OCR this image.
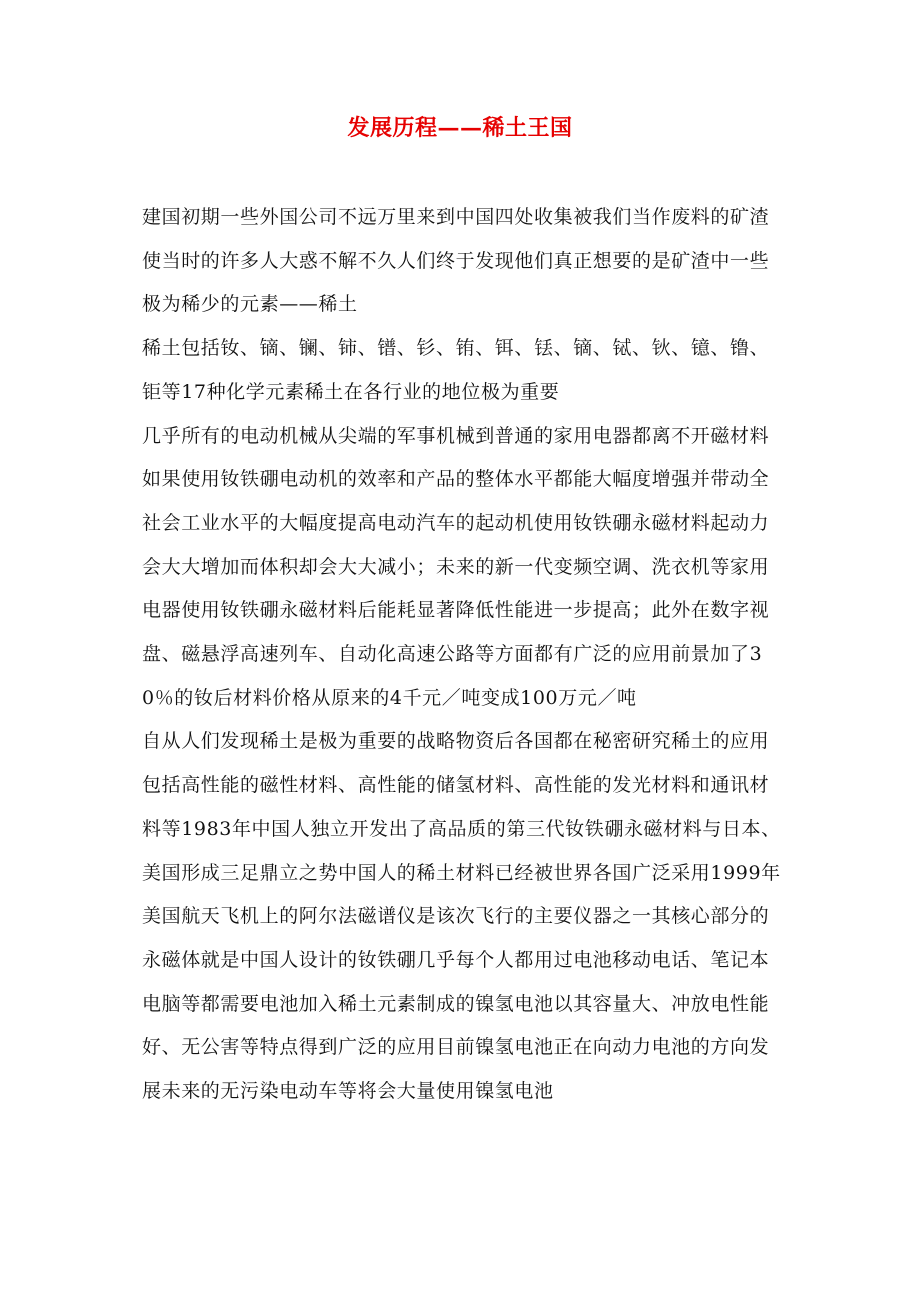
发展历程——稀土王国

建国初期一些外国公司不远万里来到中国四处收集被我们当作废料的矿渣使当时的许多人大惑不解不久人们终于发现他们真正想要的是矿渣中一些极为稀少的元素——稀土

稀土包括钕、镝、镧、铈、镨、钐、铕、铒、铥、镝、铽、钬、镱、镥、钜等17种化学元素稀土在各行业的地位极为重要

几乎所有的电动机械从尖端的军事机械到普通的家用电器都离不开磁材料如果使用钕铁硼电动机的效率和产品的整体水平都能大幅度增强并带动全社会工业水平的大幅度提高电动汽车的起动机使用钕铁硼永磁材料起动力会大大增加而体积却会大大减小；未来的新一代变频空调、洗衣机等家用电器使用钕铁硼永磁材料后能耗显著降低性能进一步提高；此外在数字视盘、磁悬浮高速列车、自动化高速公路等方面都有广泛的应用前景加了30％的钕后材料价格从原来的4千元／吨变成100万元／吨

自从人们发现稀土是极为重要的战略物资后各国都在秘密研究稀土的应用包括高性能的磁性材料、高性能的储氢材料、高性能的发光材料和通讯材料等1983年中国人独立开发出了高品质的第三代钕铁硼永磁材料与日本、美国形成三足鼎立之势中国人的稀土材料已经被世界各国广泛采用1999年美国航天飞机上的阿尔法磁谱仪是该次飞行的主要仪器之一其核心部分的永磁体就是中国人设计的钕铁硼几乎每个人都用过电池移动电话、笔记本电脑等都需要电池加入稀土元素制成的镍氢电池以其容量大、冲放电性能好、无公害等特点得到广泛的应用目前镍氢电池正在向动力电池的方向发展未来的无污染电动车等将会大量使用镍氢电池
